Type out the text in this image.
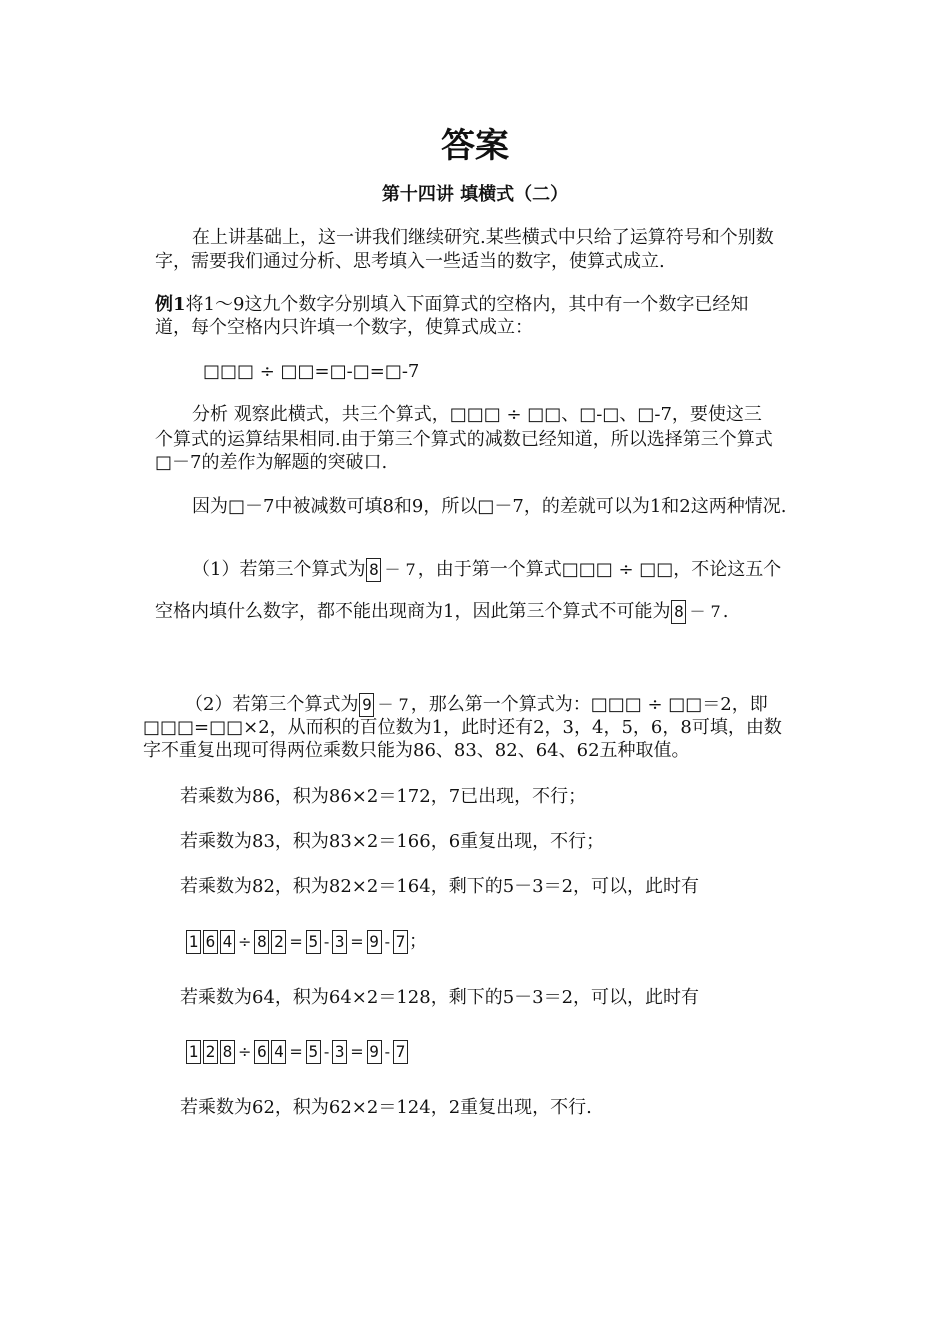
答案
第十四讲 填横式（二）
在上讲基础上，这一讲我们继续研究.某些横式中只给了运算符号和个别数
字，需要我们通过分析、思考填入一些适当的数字，使算式成立.
例1将1～9这九个数字分别填入下面算式的空格内，其中有一个数字已经知
道，每个空格内只许填一个数字，使算式成立：
□□□ ÷ □□=□-□=□-7
分析 观察此横式，共三个算式，□□□ ÷ □□、□-□、□-7，要使这三
个算式的运算结果相同.由于第三个算式的减数已经知道，所以选择第三个算式
□－7的差作为解题的突破口.
因为□－7中被减数可填8和9，所以□－7，的差就可以为1和2这两种情况.
（1）若第三个算式为 8 － 7 ，由于第一个算式□□□ ÷ □□，不论这五个
空格内填什么数字，都不能出现商为1，因此第三个算式不可能为 8 － 7 .
（2）若第三个算式为 9 － 7 ，那么第一个算式为：□□□ ÷ □□＝2，即
□□□=□□×2，从而积的百位数为1，此时还有2，3，4，5，6，8可填，由数
字不重复出现可得两位乘数只能为86、83、82、64、62五种取值。
若乘数为86，积为86×2＝172，7已出现，不行；
若乘数为83，积为83×2＝166，6重复出现，不行；
若乘数为82，积为82×2＝164，剩下的5－3＝2，可以，此时有
1 6 4 ÷ 8 2 = 5 - 3 = 9 - 7 ；
若乘数为64，积为64×2＝128，剩下的5－3＝2，可以，此时有
1 2 8 ÷ 6 4 = 5 - 3 = 9 - 7
若乘数为62，积为62×2＝124，2重复出现，不行.
